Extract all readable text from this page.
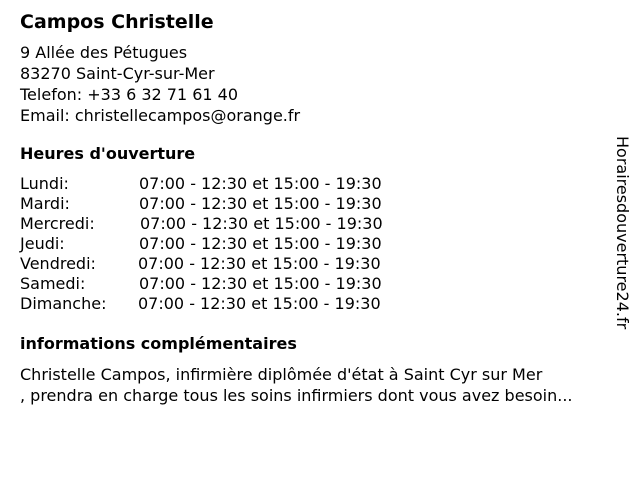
Campos Christelle
9 Allée des Pétugues
83270 Saint-Cyr-sur-Mer
Telefon: +33 6 32 71 61 40
Email: christellecampos@orange.fr
Heures d'ouverture
Lundi:	07:00 - 12:30 et 15:00 - 19:30
Mardi:	07:00 - 12:30 et 15:00 - 19:30
Mercredi:	07:00 - 12:30 et 15:00 - 19:30
Jeudi:	07:00 - 12:30 et 15:00 - 19:30
Vendredi:	07:00 - 12:30 et 15:00 - 19:30
Samedi:	07:00 - 12:30 et 15:00 - 19:30
Dimanche: 07:00 - 12:30 et 15:00 - 19:30
informations complémentaires
Christelle Campos, infirmière diplômée d'état à Saint Cyr sur Mer
, prendra en charge tous les soins infirmiers dont vous avez besoin...
Horairesdouverture24.fr
